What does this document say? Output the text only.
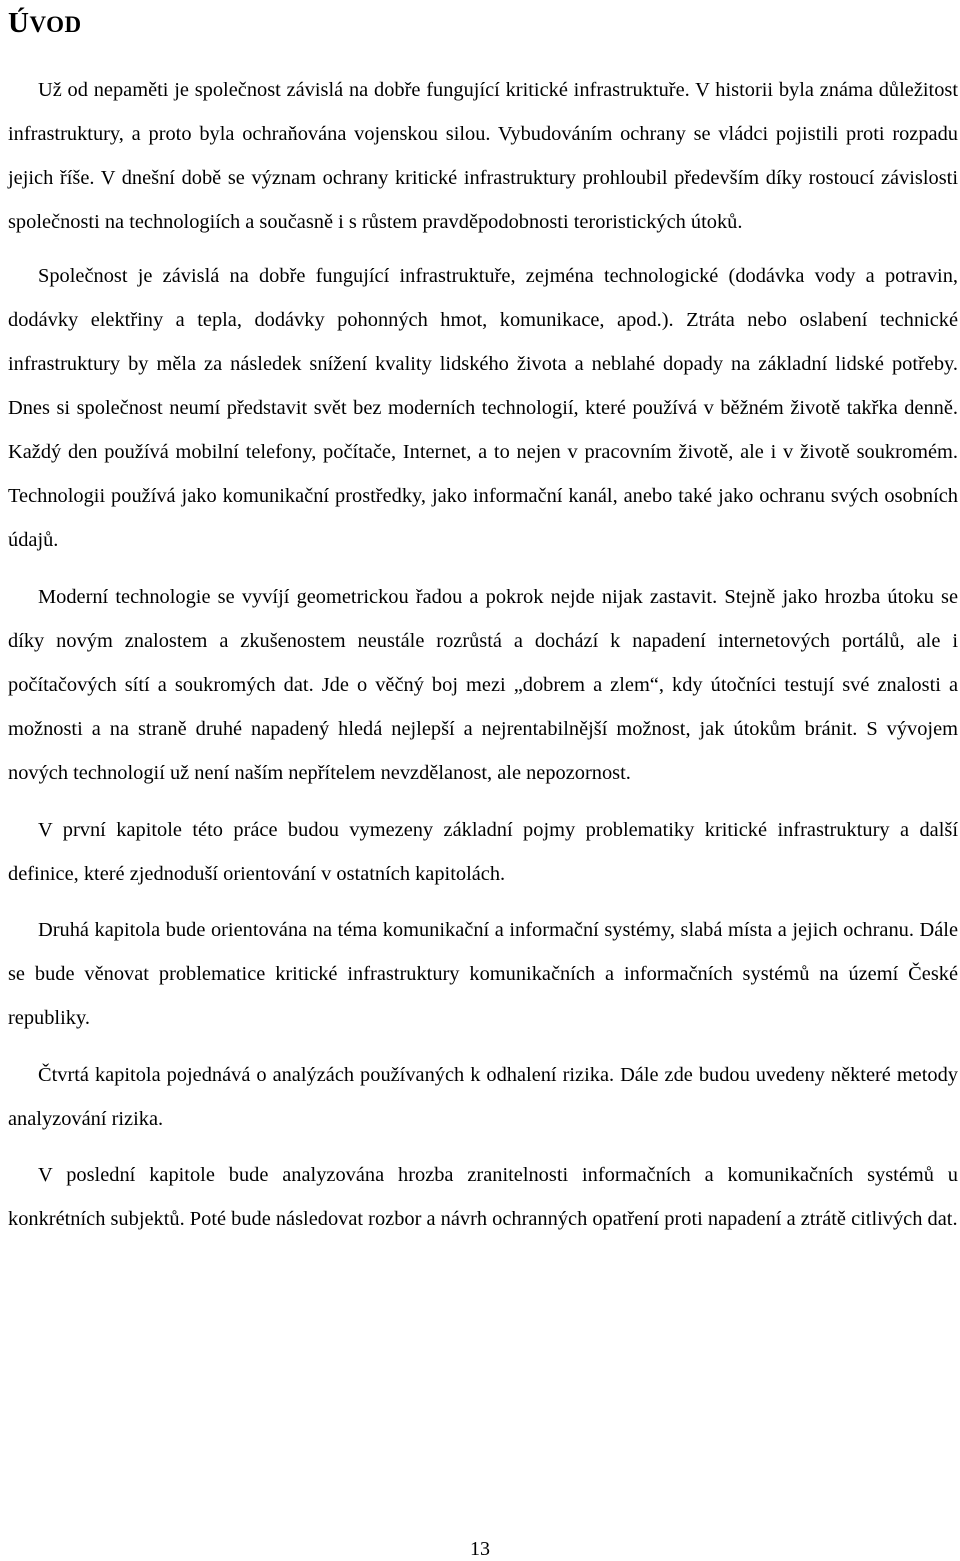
ÚVOD

Už od nepaměti je společnost závislá na dobře fungující kritické infrastruktuře. V historii byla známa důležitost infrastruktury, a proto byla ochraňována vojenskou silou. Vybudováním ochrany se vládci pojistili proti rozpadu jejich říše. V dnešní době se význam ochrany kritické infrastruktury prohloubil především díky rostoucí závislosti společnosti na technologiích a současně i s růstem pravděpodobnosti teroristických útoků.

Společnost je závislá na dobře fungující infrastruktuře, zejména technologické (dodávka vody a potravin, dodávky elektřiny a tepla, dodávky pohonných hmot, komunikace, apod.). Ztráta nebo oslabení technické infrastruktury by měla za následek snížení kvality lidského života a neblahé dopady na základní lidské potřeby. Dnes si společnost neumí představit svět bez moderních technologií, které používá v běžném životě takřka denně. Každý den používá mobilní telefony, počítače, Internet, a to nejen v pracovním životě, ale i v životě soukromém. Technologii používá jako komunikační prostředky, jako informační kanál, anebo také jako ochranu svých osobních údajů.

Moderní technologie se vyvíjí geometrickou řadou a pokrok nejde nijak zastavit. Stejně jako hrozba útoku se díky novým znalostem a zkušenostem neustále rozrůstá a dochází k napadení internetových portálů, ale i počítačových sítí a soukromých dat. Jde o věčný boj mezi „dobrem a zlem“, kdy útočníci testují své znalosti a možnosti a na straně druhé napadený hledá nejlepší a nejrentabilnější možnost, jak útokům bránit. S vývojem nových technologií už není naším nepřítelem nevzdělanost, ale nepozornost.

V první kapitole této práce budou vymezeny základní pojmy problematiky kritické infrastruktury a další definice, které zjednoduší orientování v ostatních kapitolách.

Druhá kapitola bude orientována na téma komunikační a informační systémy, slabá místa a jejich ochranu. Dále se bude věnovat problematice kritické infrastruktury komunikačních a informačních systémů na území České republiky.

Čtvrtá kapitola pojednává o analýzách používaných k odhalení rizika. Dále zde budou uvedeny některé metody analyzování rizika.

V poslední kapitole bude analyzována hrozba zranitelnosti informačních a komunikačních systémů u konkrétních subjektů. Poté bude následovat rozbor a návrh ochranných opatření proti napadení a ztrátě citlivých dat.

13
